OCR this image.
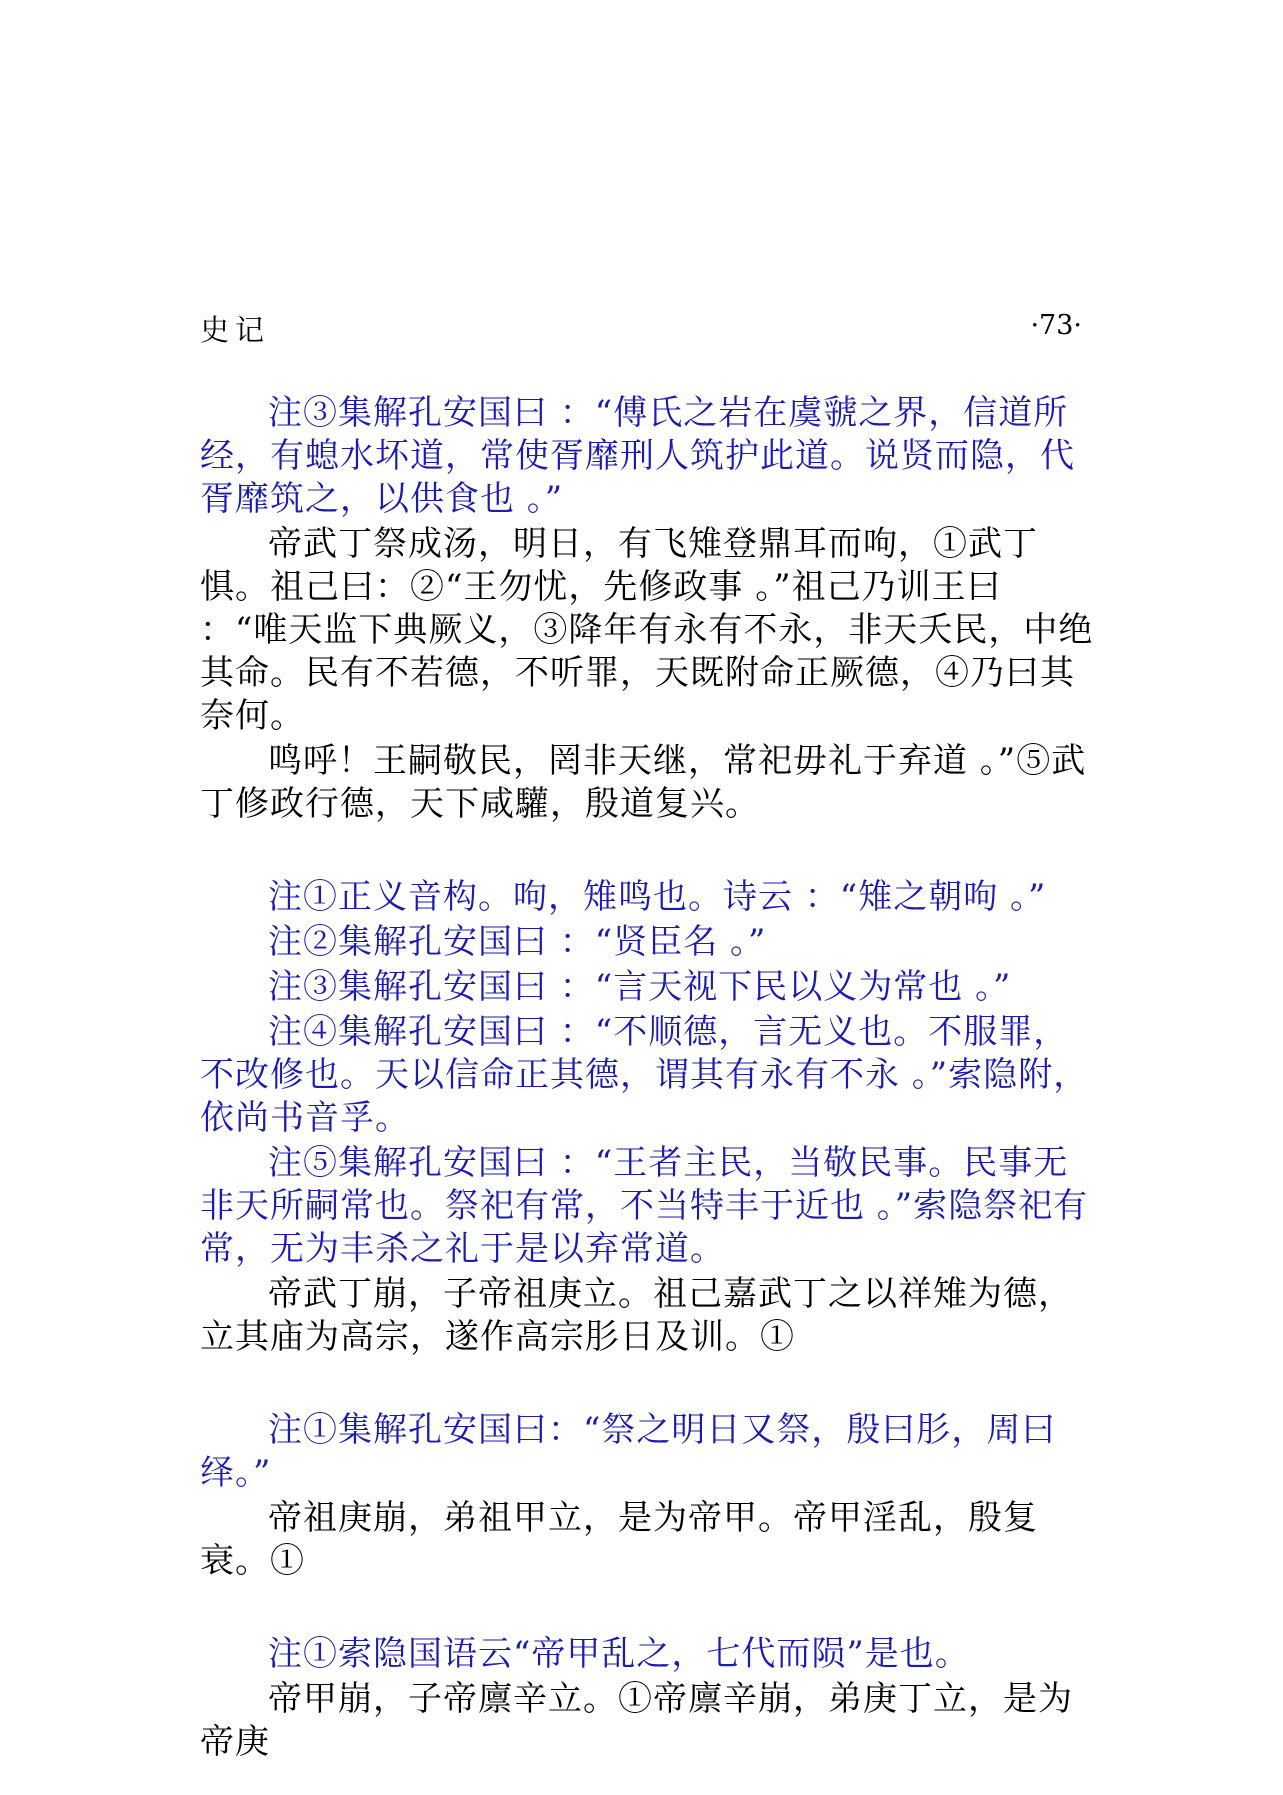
史记	·73·

注③集解孔安国曰 ：“傅氏之岩在虞虢之界，信道所经，有螅水坏道，常使胥靡刑人筑护此道。说贤而隐，代胥靡筑之，以供食也 。”

帝武丁祭成汤，明日，有飞雉登鼎耳而呴，①武丁惧。祖己曰：②“王勿忧，先修政事 。”祖己乃训王曰 ：“唯天监下典厥义，③降年有永有不永，非天夭民，中绝其命。民有不若德，不听罪，天既附命正厥德，④乃曰其奈何。

鸣呼！王嗣敬民，罔非天继，常祀毋礼于弃道 。”⑤武丁修政行德，天下咸驩，殷道复兴。

注①正义音构。呴，雉鸣也。诗云 ：“雉之朝呴 。”

注②集解孔安国曰 ：“贤臣名 。”

注③集解孔安国曰 ：“言天视下民以义为常也 。”

注④集解孔安国曰 ：“不顺德，言无义也。不服罪，不改修也。天以信命正其德，谓其有永有不永 。”索隐附，依尚书音孚。

注⑤集解孔安国曰 ：“王者主民，当敬民事。民事无非天所嗣常也。祭祀有常，不当特丰于近也 。”索隐祭祀有常，无为丰杀之礼于是以弃常道。

帝武丁崩，子帝祖庚立。祖己嘉武丁之以祥雉为德，立其庙为高宗，遂作高宗肜日及训。①

注①集解孔安国曰：“祭之明日又祭，殷曰肜，周曰绎。”

帝祖庚崩，弟祖甲立，是为帝甲。帝甲淫乱，殷复衰。①

注①索隐国语云“帝甲乱之，七代而陨”是也。

帝甲崩，子帝廪辛立。①帝廪辛崩，弟庚丁立，是为帝庚
